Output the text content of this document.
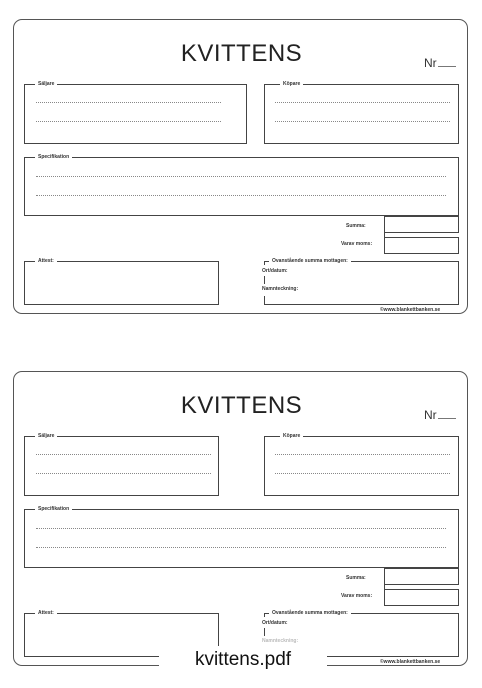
KVITTENS	Nr
Säljare	Köpare
Specifikation
Summa:
Varav moms:
Attest:	Ovanstående summa mottagen:
Ort/datum:
Namnteckning:
©www.blankettbanken.se
KVITTENS	Nr
Säljare	Köpare
Specifikation
Summa:
Varav moms:
Attest:	Ovanstående summa mottagen:
Ort/datum:
Namnteckning:
©www.blankettbanken.se
kvittens.pdf
